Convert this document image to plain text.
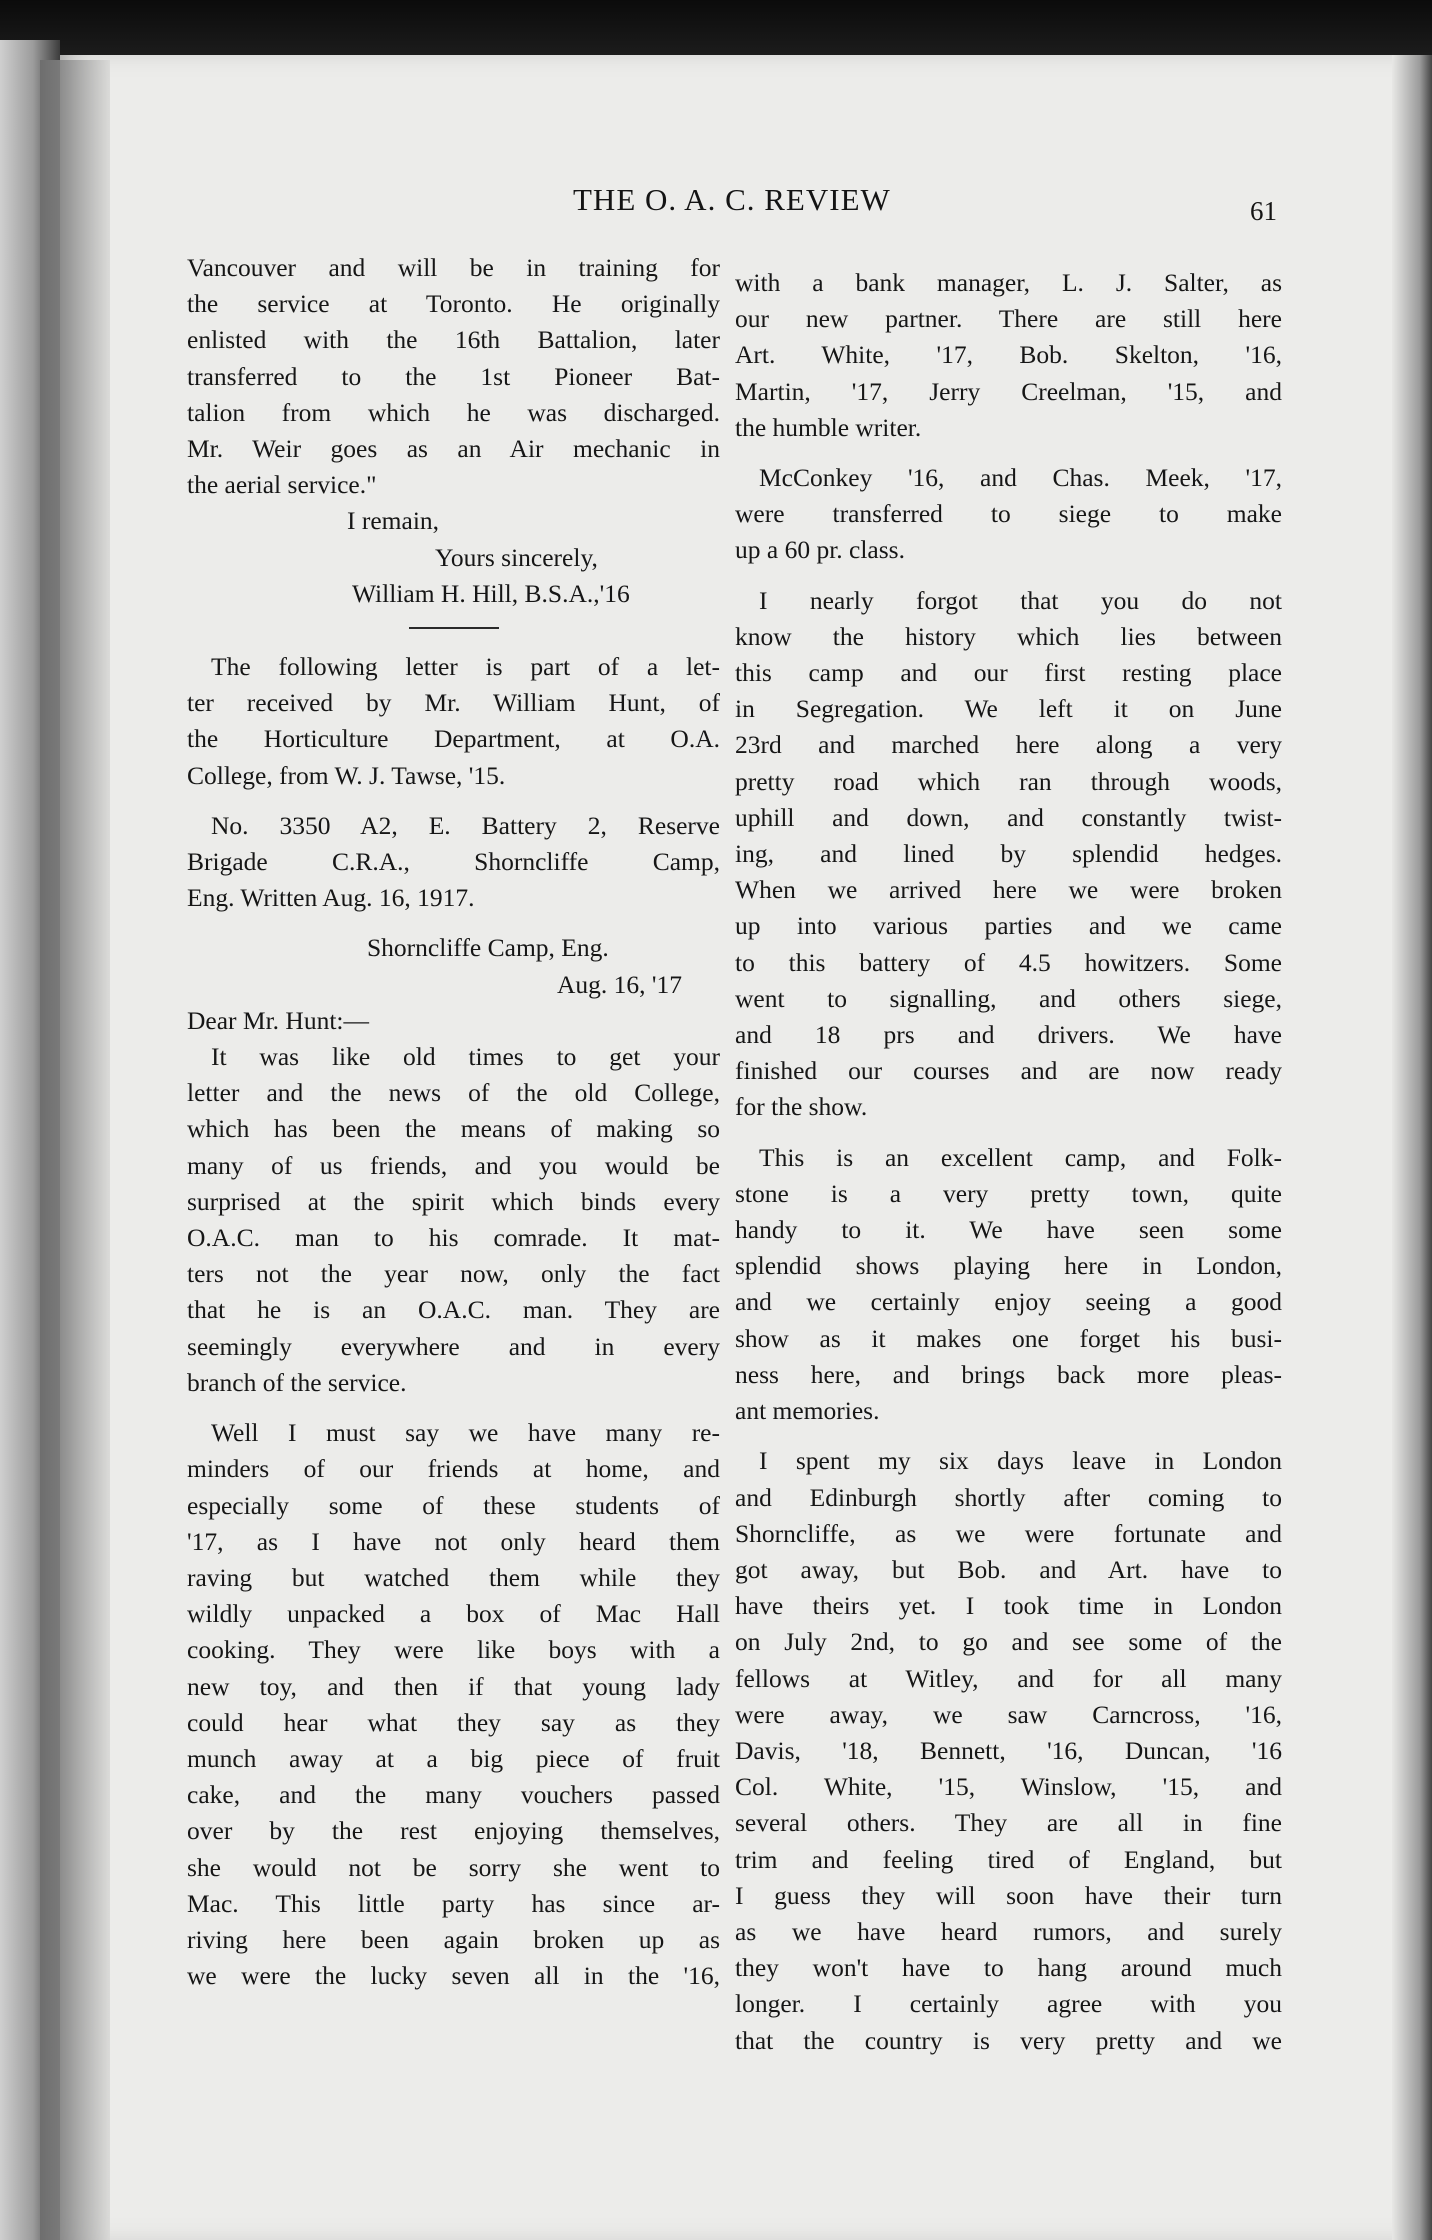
THE O. A. C. REVIEW	61

Vancouver and will be in training for

the service at Toronto. He originally

enlisted with the 16th Battalion, later

transferred to the 1st Pioneer Bat-

talion from which he was discharged.

Mr. Weir goes as an Air mechanic in

the aerial service."

I remain,

Yours sincerely,

William H. Hill, B.S.A.,'16

The following letter is part of a let-

ter received by Mr. William Hunt, of

the Horticulture Department, at O.A.

College, from W. J. Tawse, '15.

No. 3350 A2, E. Battery 2, Reserve

Brigade C.R.A., Shorncliffe Camp,

Eng. Written Aug. 16, 1917.

Shorncliffe Camp, Eng.

Aug. 16, '17

Dear Mr. Hunt:—

It was like old times to get your

letter and the news of the old College,

which has been the means of making so

many of us friends, and you would be

surprised at the spirit which binds every

O.A.C. man to his comrade. It mat-

ters not the year now, only the fact

that he is an O.A.C. man. They are

seemingly everywhere and in every

branch of the service.

Well I must say we have many re-

minders of our friends at home, and

especially some of these students of

'17, as I have not only heard them

raving but watched them while they

wildly unpacked a box of Mac Hall

cooking. They were like boys with a

new toy, and then if that young lady

could hear what they say as they

munch away at a big piece of fruit

cake, and the many vouchers passed

over by the rest enjoying themselves,

she would not be sorry she went to

Mac. This little party has since ar-

riving here been again broken up as

we were the lucky seven all in the '16,

with a bank manager, L. J. Salter, as

our new partner. There are still here

Art. White, '17, Bob. Skelton, '16,

Martin, '17, Jerry Creelman, '15, and

the humble writer.

McConkey '16, and Chas. Meek, '17,

were transferred to siege to make

up a 60 pr. class.

I nearly forgot that you do not

know the history which lies between

this camp and our first resting place

in Segregation. We left it on June

23rd and marched here along a very

pretty road which ran through woods,

uphill and down, and constantly twist-

ing, and lined by splendid hedges.

When we arrived here we were broken

up into various parties and we came

to this battery of 4.5 howitzers. Some

went to signalling, and others siege,

and 18 prs and drivers. We have

finished our courses and are now ready

for the show.

This is an excellent camp, and Folk-

stone is a very pretty town, quite

handy to it. We have seen some

splendid shows playing here in London,

and we certainly enjoy seeing a good

show as it makes one forget his busi-

ness here, and brings back more pleas-

ant memories.

I spent my six days leave in London

and Edinburgh shortly after coming to

Shorncliffe, as we were fortunate and

got away, but Bob. and Art. have to

have theirs yet. I took time in London

on July 2nd, to go and see some of the

fellows at Witley, and for all many

were away, we saw Carncross, '16,

Davis, '18, Bennett, '16, Duncan, '16

Col. White, '15, Winslow, '15, and

several others. They are all in fine

trim and feeling tired of England, but

I guess they will soon have their turn

as we have heard rumors, and surely

they won't have to hang around much

longer. I certainly agree with you

that the country is very pretty and we
